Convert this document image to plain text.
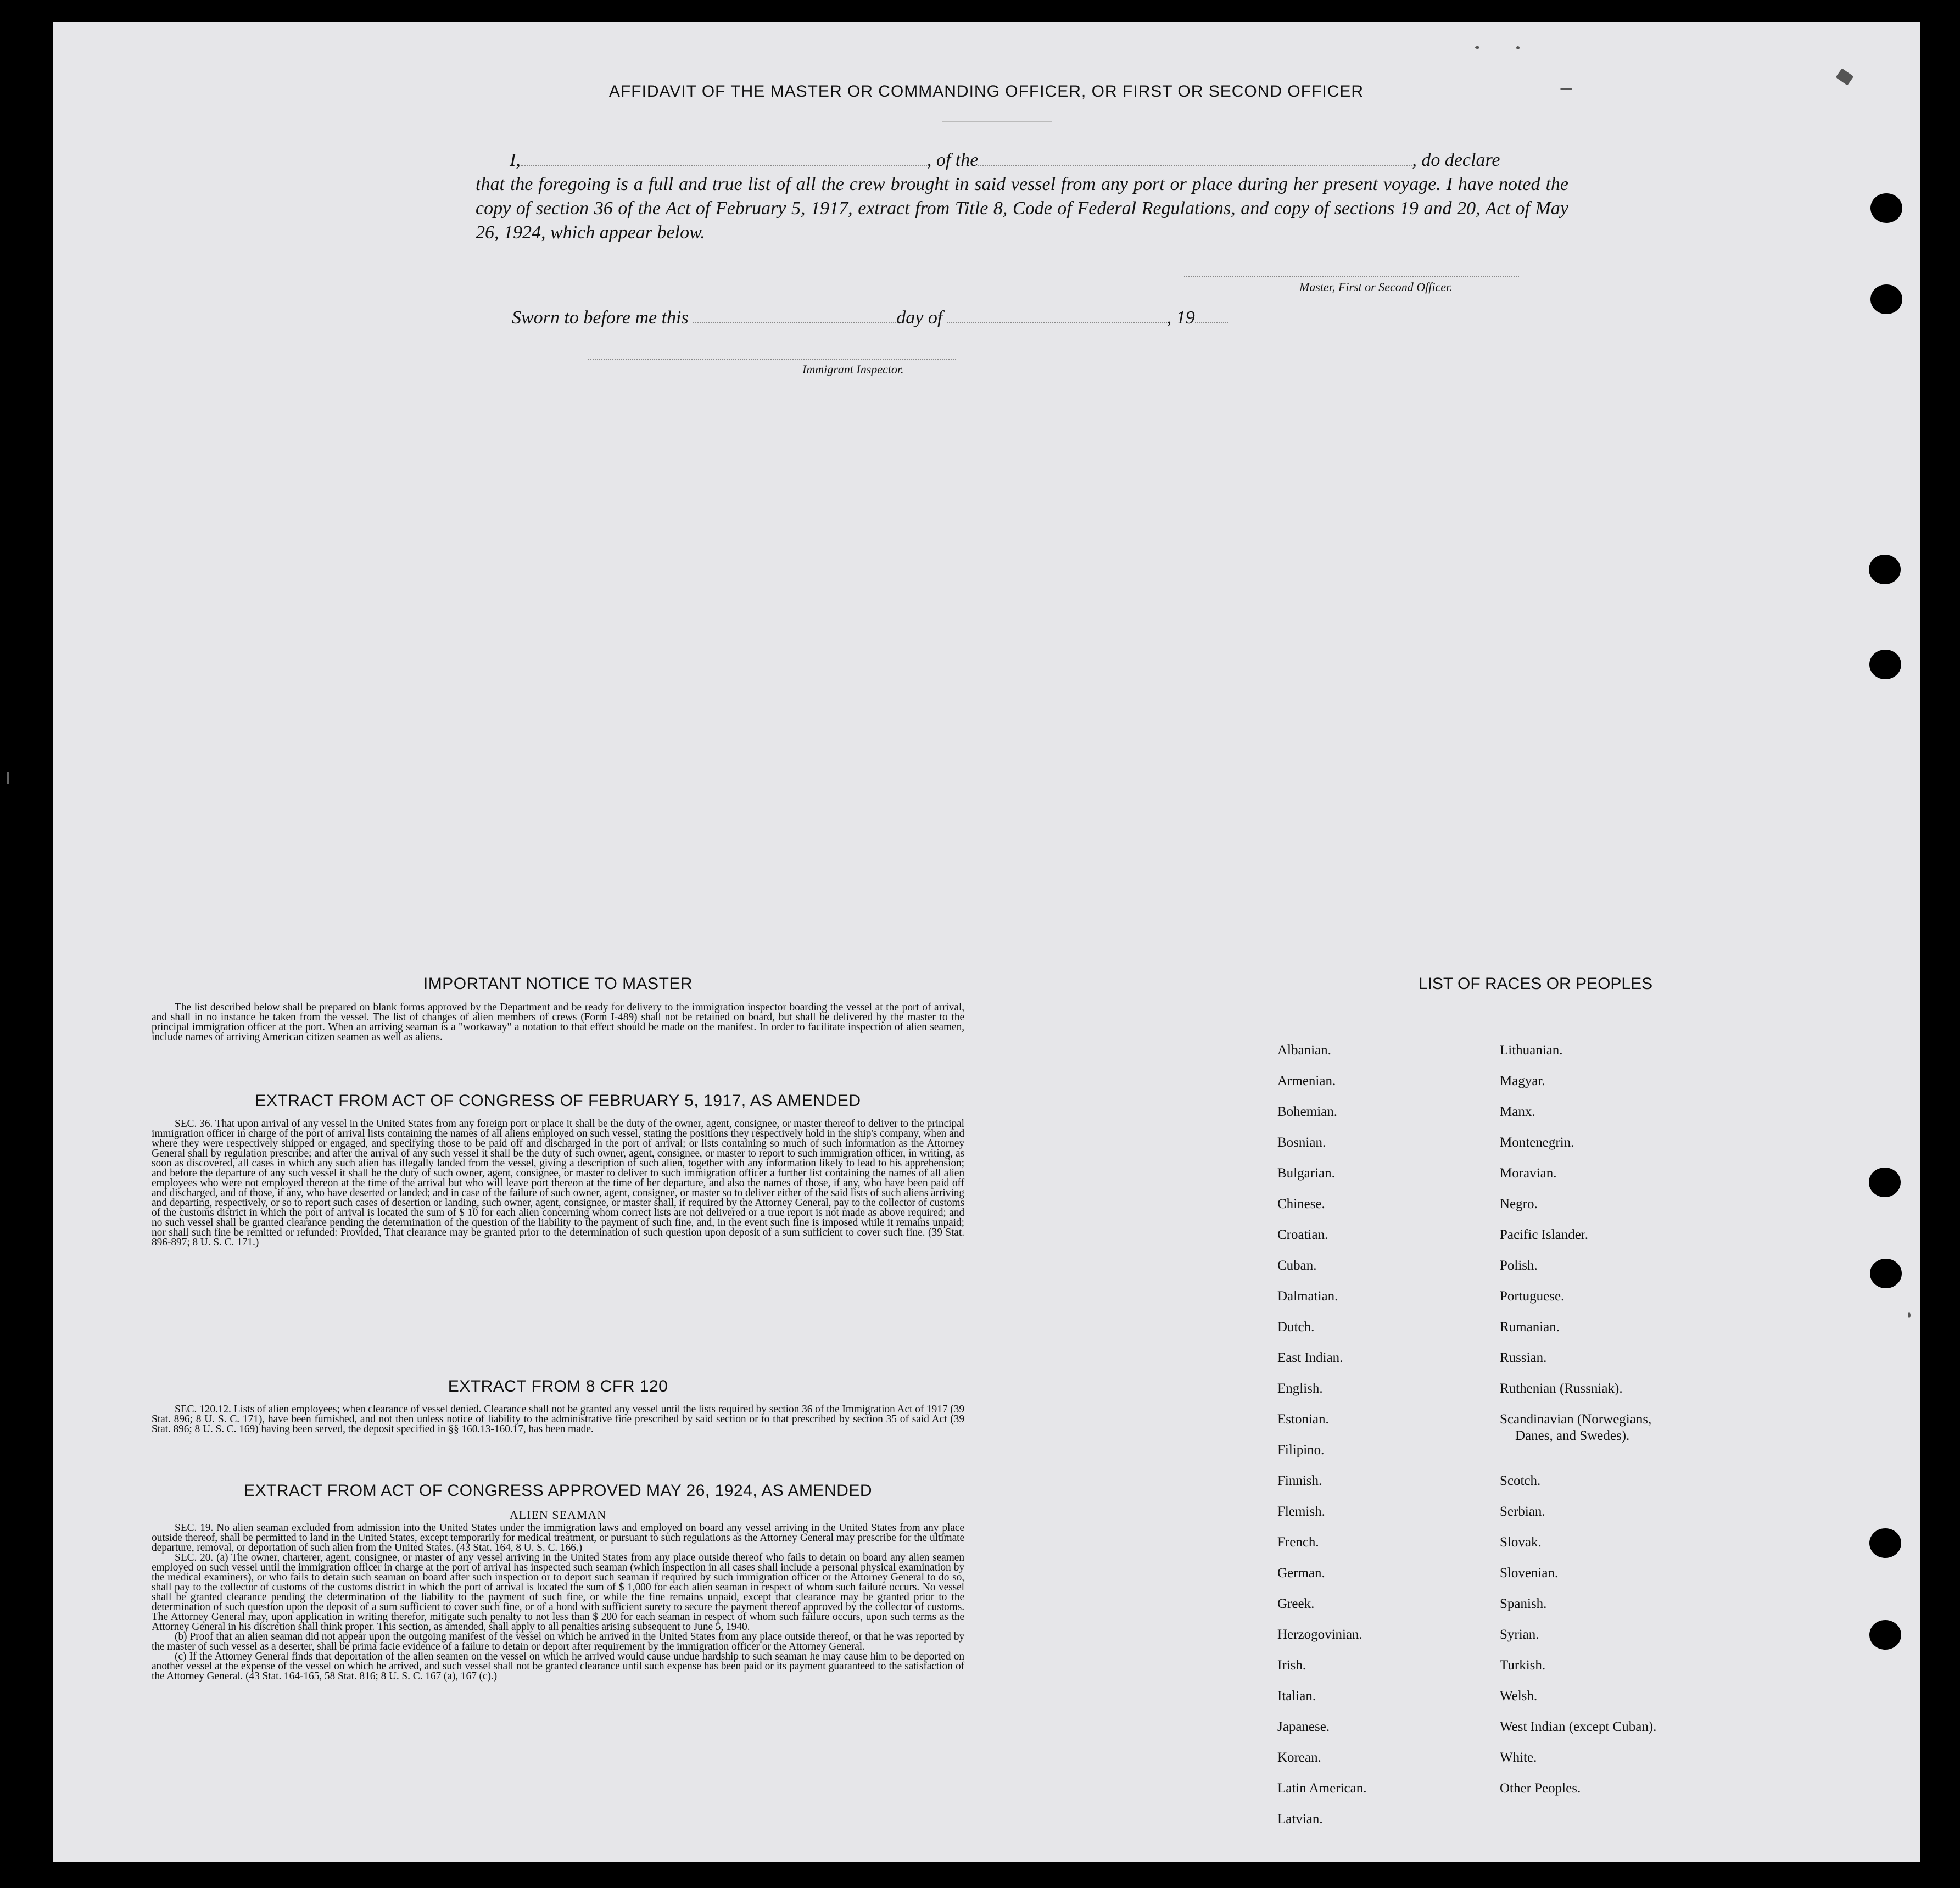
AFFIDAVIT OF THE MASTER OR COMMANDING OFFICER, OR FIRST OR SECOND OFFICER
I,	, of the	, do declare
that the foregoing is a full and true list of all the crew brought in said vessel from any port or place during her present voyage. I have noted the copy of section 36 of the Act of February 5, 1917, extract from Title 8, Code of Federal Regulations, and copy of sections 19 and 20, Act of May 26, 1924, which appear below.
Master, First or Second Officer.
Sworn to before me this	day of	, 19
Immigrant Inspector.
IMPORTANT NOTICE TO MASTER

The list described below shall be prepared on blank forms approved by the Department and be ready for delivery to the immigration inspector boarding the vessel at the port of arrival, and shall in no instance be taken from the vessel. The list of changes of alien members of crews (Form I-489) shall not be retained on board, but shall be delivered by the master to the principal immigration officer at the port. When an arriving seaman is a "workaway" a notation to that effect should be made on the manifest. In order to facilitate inspection of alien seamen, include names of arriving American citizen seamen as well as aliens.

EXTRACT FROM ACT OF CONGRESS OF FEBRUARY 5, 1917, AS AMENDED

SEC. 36. That upon arrival of any vessel in the United States from any foreign port or place it shall be the duty of the owner, agent, consignee, or master thereof to deliver to the principal immigration officer in charge of the port of arrival lists containing the names of all aliens employed on such vessel, stating the positions they respectively hold in the ship's company, when and where they were respectively shipped or engaged, and specifying those to be paid off and discharged in the port of arrival; or lists containing so much of such information as the Attorney General shall by regulation prescribe; and after the arrival of any such vessel it shall be the duty of such owner, agent, consignee, or master to report to such immigration officer, in writing, as soon as discovered, all cases in which any such alien has illegally landed from the vessel, giving a description of such alien, together with any information likely to lead to his apprehension; and before the departure of any such vessel it shall be the duty of such owner, agent, consignee, or master to deliver to such immigration officer a further list containing the names of all alien employees who were not employed thereon at the time of the arrival but who will leave port thereon at the time of her departure, and also the names of those, if any, who have been paid off and discharged, and of those, if any, who have deserted or landed; and in case of the failure of such owner, agent, consignee, or master so to deliver either of the said lists of such aliens arriving and departing, respectively, or so to report such cases of desertion or landing, such owner, agent, consignee, or master shall, if required by the Attorney General, pay to the collector of customs of the customs district in which the port of arrival is located the sum of $ 10 for each alien concerning whom correct lists are not delivered or a true report is not made as above required; and no such vessel shall be granted clearance pending the determination of the question of the liability to the payment of such fine, and, in the event such fine is imposed while it remains unpaid; nor shall such fine be remitted or refunded: Provided, That clearance may be granted prior to the determination of such question upon deposit of a sum sufficient to cover such fine. (39 Stat. 896-897; 8 U. S. C. 171.)

EXTRACT FROM 8 CFR 120

SEC. 120.12. Lists of alien employees; when clearance of vessel denied. Clearance shall not be granted any vessel until the lists required by section 36 of the Immigration Act of 1917 (39 Stat. 896; 8 U. S. C. 171), have been furnished, and not then unless notice of liability to the administrative fine prescribed by said section or to that prescribed by section 35 of said Act (39 Stat. 896; 8 U. S. C. 169) having been served, the deposit specified in §§ 160.13-160.17, has been made.

EXTRACT FROM ACT OF CONGRESS APPROVED MAY 26, 1924, AS AMENDED
ALIEN SEAMAN

SEC. 19. No alien seaman excluded from admission into the United States under the immigration laws and employed on board any vessel arriving in the United States from any place outside thereof, shall be permitted to land in the United States, except temporarily for medical treatment, or pursuant to such regulations as the Attorney General may prescribe for the ultimate departure, removal, or deportation of such alien from the United States. (43 Stat. 164, 8 U. S. C. 166.)

SEC. 20. (a) The owner, charterer, agent, consignee, or master of any vessel arriving in the United States from any place outside thereof who fails to detain on board any alien seamen employed on such vessel until the immigration officer in charge at the port of arrival has inspected such seaman (which inspection in all cases shall include a personal physical examination by the medical examiners), or who fails to detain such seaman on board after such inspection or to deport such seaman if required by such immigration officer or the Attorney General to do so, shall pay to the collector of customs of the customs district in which the port of arrival is located the sum of $ 1,000 for each alien seaman in respect of whom such failure occurs. No vessel shall be granted clearance pending the determination of the liability to the payment of such fine, or while the fine remains unpaid, except that clearance may be granted prior to the determination of such question upon the deposit of a sum sufficient to cover such fine, or of a bond with sufficient surety to secure the payment thereof approved by the collector of customs. The Attorney General may, upon application in writing therefor, mitigate such penalty to not less than $ 200 for each seaman in respect of whom such failure occurs, upon such terms as the Attorney General in his discretion shall think proper. This section, as amended, shall apply to all penalties arising subsequent to June 5, 1940.

(b) Proof that an alien seaman did not appear upon the outgoing manifest of the vessel on which he arrived in the United States from any place outside thereof, or that he was reported by the master of such vessel as a deserter, shall be prima facie evidence of a failure to detain or deport after requirement by the immigration officer or the Attorney General.

(c) If the Attorney General finds that deportation of the alien seamen on the vessel on which he arrived would cause undue hardship to such seaman he may cause him to be deported on another vessel at the expense of the vessel on which he arrived, and such vessel shall not be granted clearance until such expense has been paid or its payment guaranteed to the satisfaction of the Attorney General. (43 Stat. 164-165, 58 Stat. 816; 8 U. S. C. 167 (a), 167 (c).)

LIST OF RACES OR PEOPLES
Albanian.
Armenian.
Bohemian.
Bosnian.
Bulgarian.
Chinese.
Croatian.
Cuban.
Dalmatian.
Dutch.
East Indian.
English.
Estonian.
Filipino.
Finnish.
Flemish.
French.
German.
Greek.
Herzogovinian.
Irish.
Italian.
Japanese.
Korean.
Latin American.
Latvian.
Lithuanian.
Magyar.
Manx.
Montenegrin.
Moravian.
Negro.
Pacific Islander.
Polish.
Portuguese.
Rumanian.
Russian.
Ruthenian (Russniak).
Scandinavian (Norwegians,
Danes, and Swedes).
Scotch.
Serbian.
Slovak.
Slovenian.
Spanish.
Syrian.
Turkish.
Welsh.
West Indian (except Cuban).
White.
Other Peoples.
